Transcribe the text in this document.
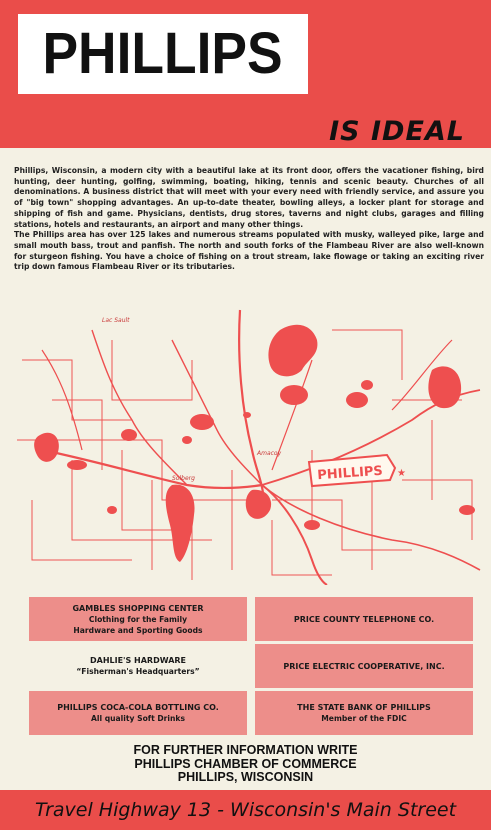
PHILLIPS
IS IDEAL

Phillips, Wisconsin, a modern city with a beautiful lake at its front door, offers the vacationer fishing, bird hunting, deer hunting, golfing, swimming, boating, hiking, tennis and scenic beauty. Churches of all denominations. A business district that will meet with your every need with friendly service, and assure you of "big town" shopping advantages. An up-to-date theater, bowling alleys, a locker plant for storage and shipping of fish and game. Physicians, dentists, drug stores, taverns and night clubs, garages and filling stations, hotels and restaurants, an airport and many other things.

The Phillips area has over 125 lakes and numerous streams populated with musky, walleyed pike, large and small mouth bass, trout and panfish. The north and south forks of the Flambeau River are also well-known for sturgeon fishing. You have a choice of fishing on a trout stream, lake flowage or taking an exciting river trip down famous Flambeau River or its tributaries.

PHILLIPS ★
Lac Sault
Solberg
Amacoy
GAMBLES SHOPPING CENTER
Clothing for the Family
Hardware and Sporting Goods
PRICE COUNTY TELEPHONE CO.
DAHLIE'S HARDWARE
“Fisherman's Headquarters”
PRICE ELECTRIC COOPERATIVE, INC.
PHILLIPS COCA-COLA BOTTLING CO.
All quality Soft Drinks
THE STATE BANK OF PHILLIPS
Member of the FDIC
FOR FURTHER INFORMATION WRITE
PHILLIPS CHAMBER OF COMMERCE
PHILLIPS, WISCONSIN
Travel Highway 13 - Wisconsin's Main Street
